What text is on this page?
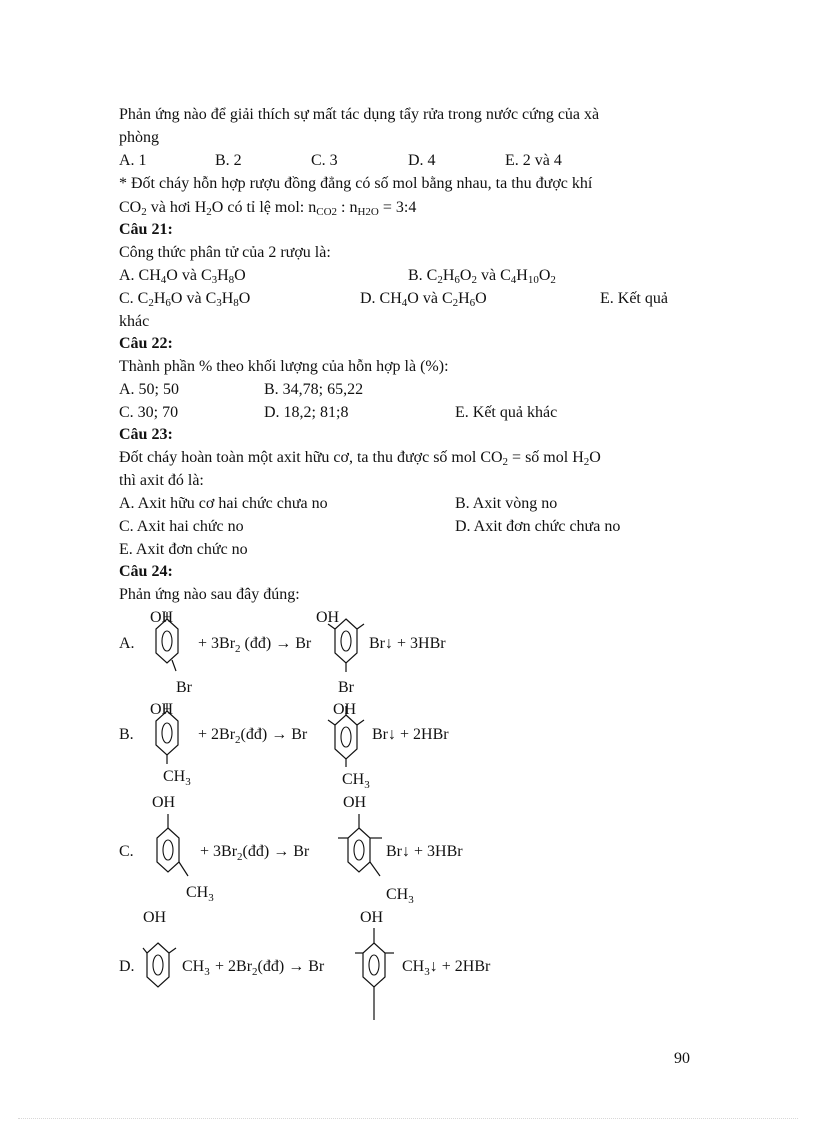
Phản ứng nào để giải thích sự mất tác dụng tẩy rửa trong nước cứng của xà
phòng
A. 1	B. 2	C. 3	D. 4	E. 2 và 4
* Đốt cháy hỗn hợp rượu đồng đẳng có số mol bằng nhau, ta thu được khí
$CO_2$ và hơi $H_2O$ có tỉ lệ mol: $n_{CO2}$ : $n_{H2O}$ = 3:4
Câu 21:
Công thức phân tử của 2 rượu là:
A. $CH_4O$ và $C_3H_8O$	B. $C_2H_6O_2$ và $C_4H_{10}O_2$
C. $C_2H_6O$ và $C_3H_8O$	D. $CH_4O$ và $C_2H_6O$	E. Kết quả
khác
Câu 22:
Thành phần % theo khối lượng của hỗn hợp là (%):
A. 50; 50	B. 34,78; 65,22
C. 30; 70	D. 18,2; 81;8	E. Kết quả khác
Câu 23:
Đốt cháy hoàn toàn một axit hữu cơ, ta thu được số mol $CO_2$ = số mol $H_2O$
thì axit đó là:
A. Axit hữu cơ hai chức chưa no	B. Axit vòng no
C. Axit hai chức no	D. Axit đơn chức chưa no
E. Axit đơn chức no
Câu 24:
Phản ứng nào sau đây đúng:
A.
OH
Br
+ $3Br_2$ (đđ) → Br
OH
Br↓ + 3HBr
Br
B.
OH
$CH_3$
+ $2Br_2(đđ) \to Br$
OH
Br↓ + 2HBr
$CH_3$
C.
OH
$CH_3$
+ $3Br_2(đđ) \to Br$
OH
Br↓ + 3HBr
$CH_3$
D.
OH
$CH_3$ + $2Br_2(đđ) \to Br$
OH
$CH_3↓ + 2HBr$
90
